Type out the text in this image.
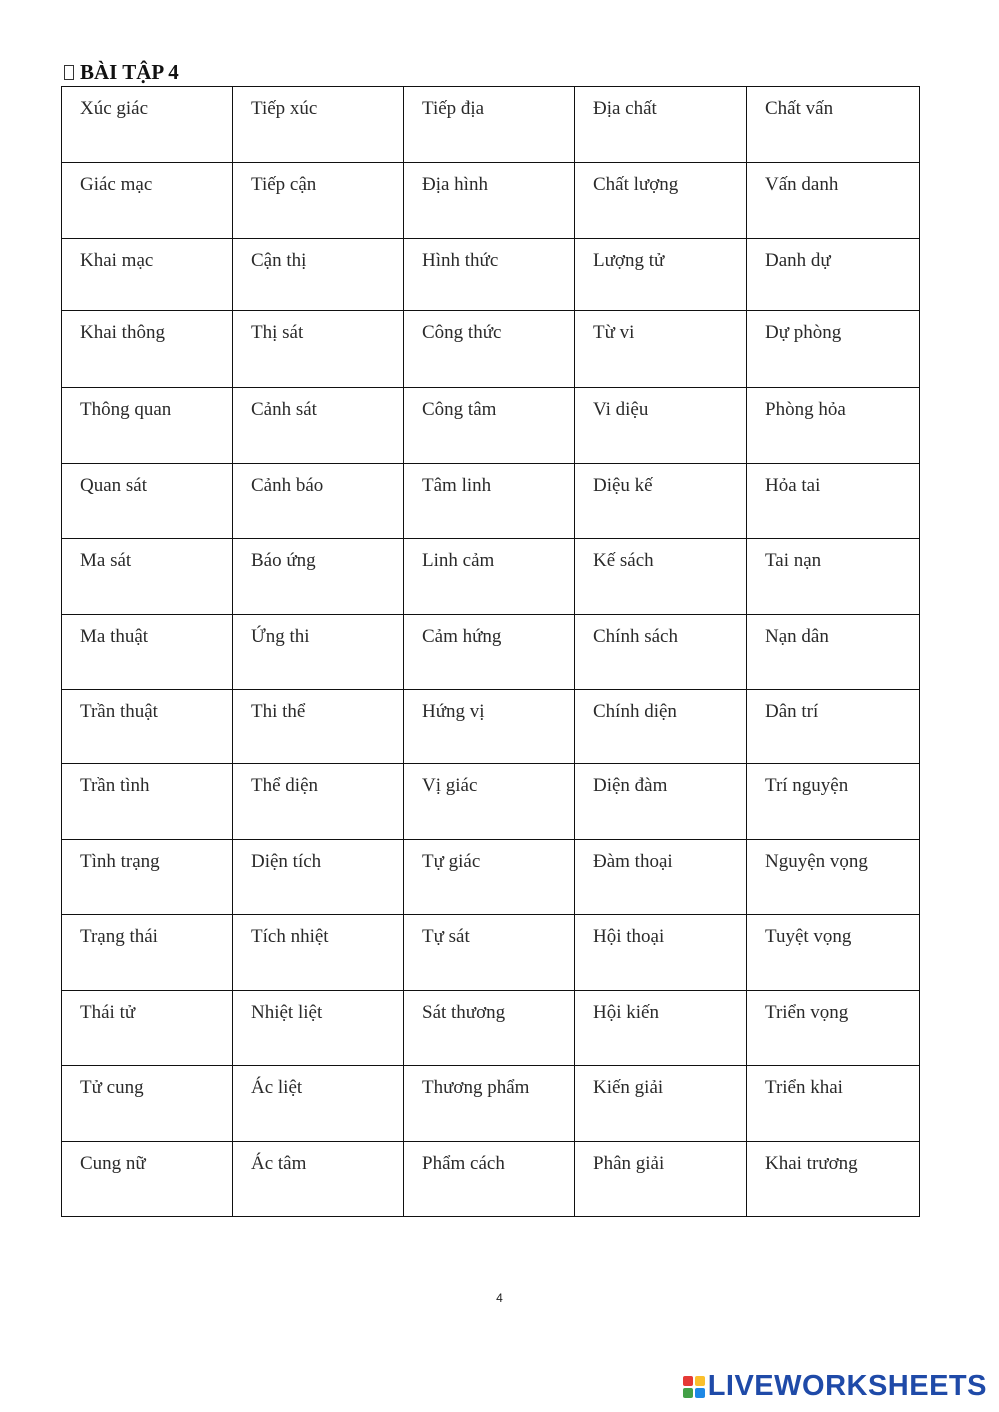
BÀI TẬP 4
Xúc giác	Tiếp xúc	Tiếp địa	Địa chất	Chất vấn
Giác mạc	Tiếp cận	Địa hình	Chất lượng	Vấn danh
Khai mạc	Cận thị	Hình thức	Lượng tử	Danh dự
Khai thông	Thị sát	Công thức	Từ vi	Dự phòng
Thông quan	Cảnh sát	Công tâm	Vi diệu	Phòng hỏa
Quan sát	Cảnh báo	Tâm linh	Diệu kế	Hỏa tai
Ma sát	Báo ứng	Linh cảm	Kế sách	Tai nạn
Ma thuật	Ứng thi	Cảm hứng	Chính sách	Nạn dân
Trần thuật	Thi thể	Hứng vị	Chính diện	Dân trí
Trần tình	Thể diện	Vị giác	Diện đàm	Trí nguyện
Tình trạng	Diện tích	Tự giác	Đàm thoại	Nguyện vọng
Trạng thái	Tích nhiệt	Tự sát	Hội thoại	Tuyệt vọng
Thái tử	Nhiệt liệt	Sát thương	Hội kiến	Triển vọng
Tử cung	Ác liệt	Thương phẩm	Kiến giải	Triển khai
Cung nữ	Ác tâm	Phẩm cách	Phân giải	Khai trương
4
LIVEWORKSHEETS
